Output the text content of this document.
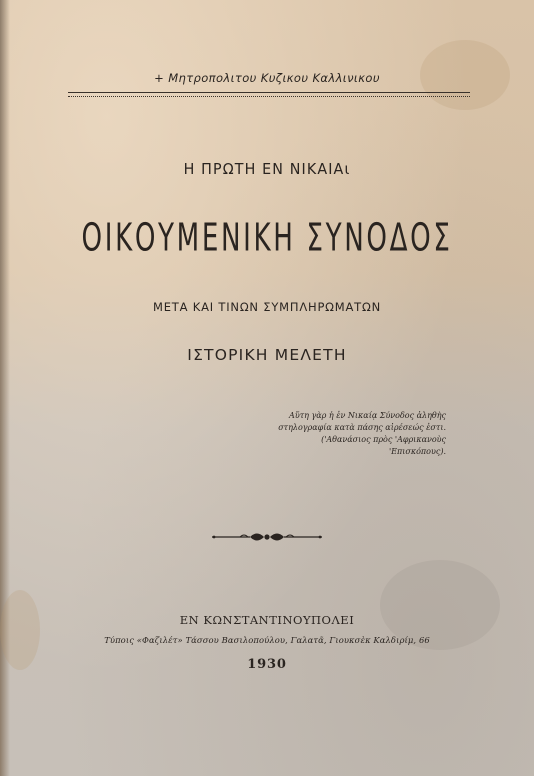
+ Μητροπολιτου Κυζικου Καλλινικου
Η ΠΡΩΤΗ ΕΝ ΝΙΚΑΙΑι
ΟΙΚΟΥΜΕΝΙΚΗ ΣΥΝΟΔΟΣ
ΜΕΤΑ ΚΑΙ ΤΙΝΩΝ ΣΥΜΠΛΗΡΩΜΑΤΩΝ
ΙΣΤΟΡΙΚΗ ΜΕΛΕΤΗ
Αὕτη γὰρ ἡ ἐν Νικαίᾳ Σύνοδος ἀληθὴς
στηλογραφία κατὰ πάσης αἱρέσεώς ἐστι.
('Αθανάσιος πρὸς 'Αφρικανοὺς 'Επισκόπους).
ΕΝ ΚΩΝΣΤΑΝΤΙΝΟΥΠΟΛΕΙ
Τύποις «Φαζιλέτ» Τάσσου Βασιλοπούλου, Γαλατᾶ, Γιουκσὲκ Καλδιρίμ, 66
1930
